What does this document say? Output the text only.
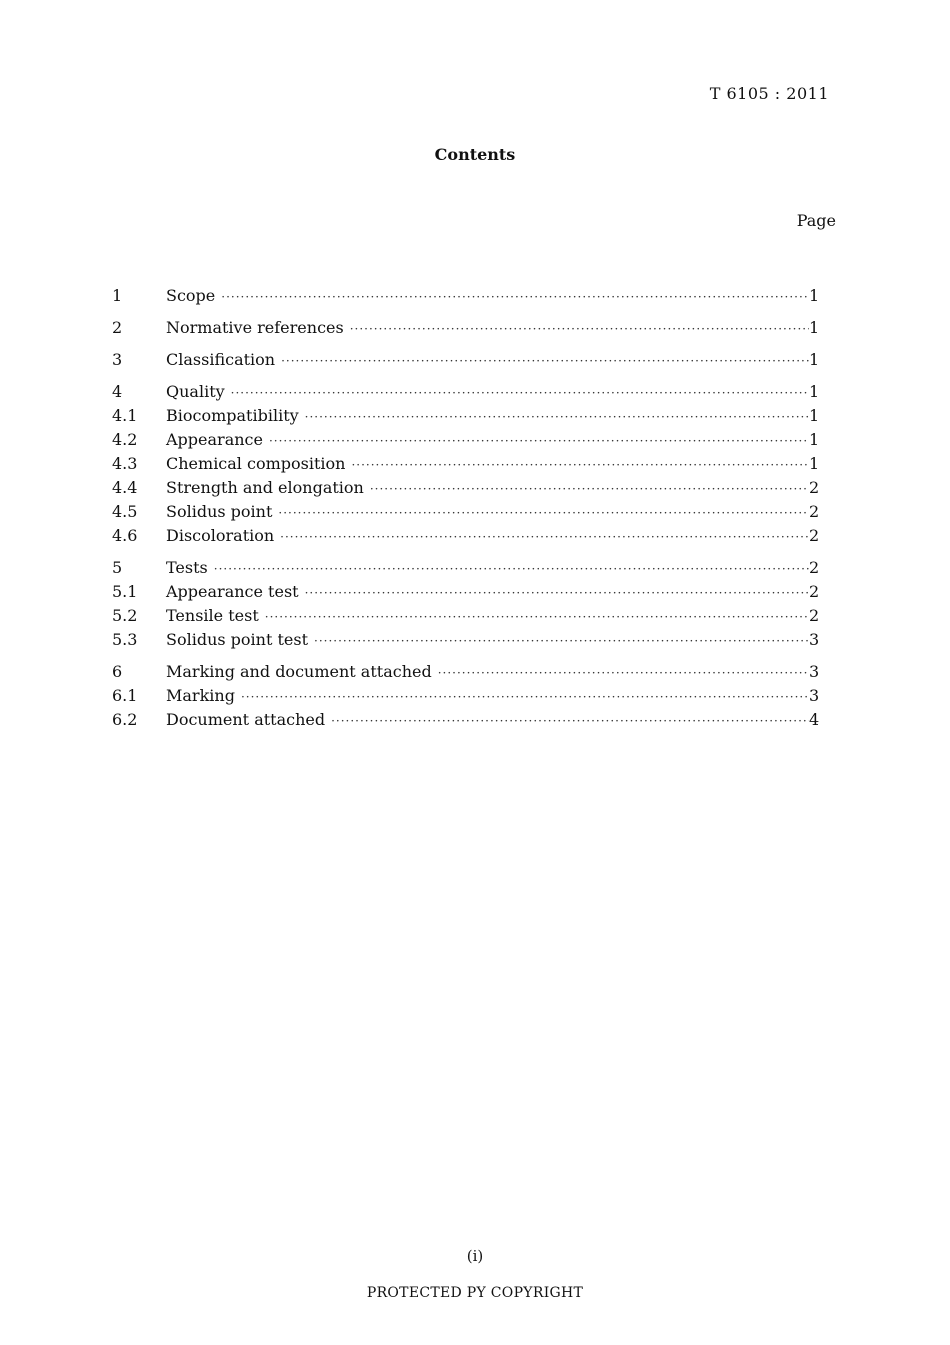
T 6105 : 2011
Contents
Page
1	Scope ·····	1
2	Normative references ·····	1
3	Classification ·····	1
4	Quality ·····	1
4.1	Biocompatibility ·····	1
4.2	Appearance ·····	1
4.3	Chemical composition ·····	1
4.4	Strength and elongation ·····	2
4.5	Solidus point ·····	2
4.6	Discoloration ·····	2
5	Tests ·····	2
5.1	Appearance test ·····	2
5.2	Tensile test ·····	2
5.3	Solidus point test ·····	3
6	Marking and document attached ·····	3
6.1	Marking ·····	3
6.2	Document attached ·····	4
(i)
PROTECTED PY COPYRIGHT
